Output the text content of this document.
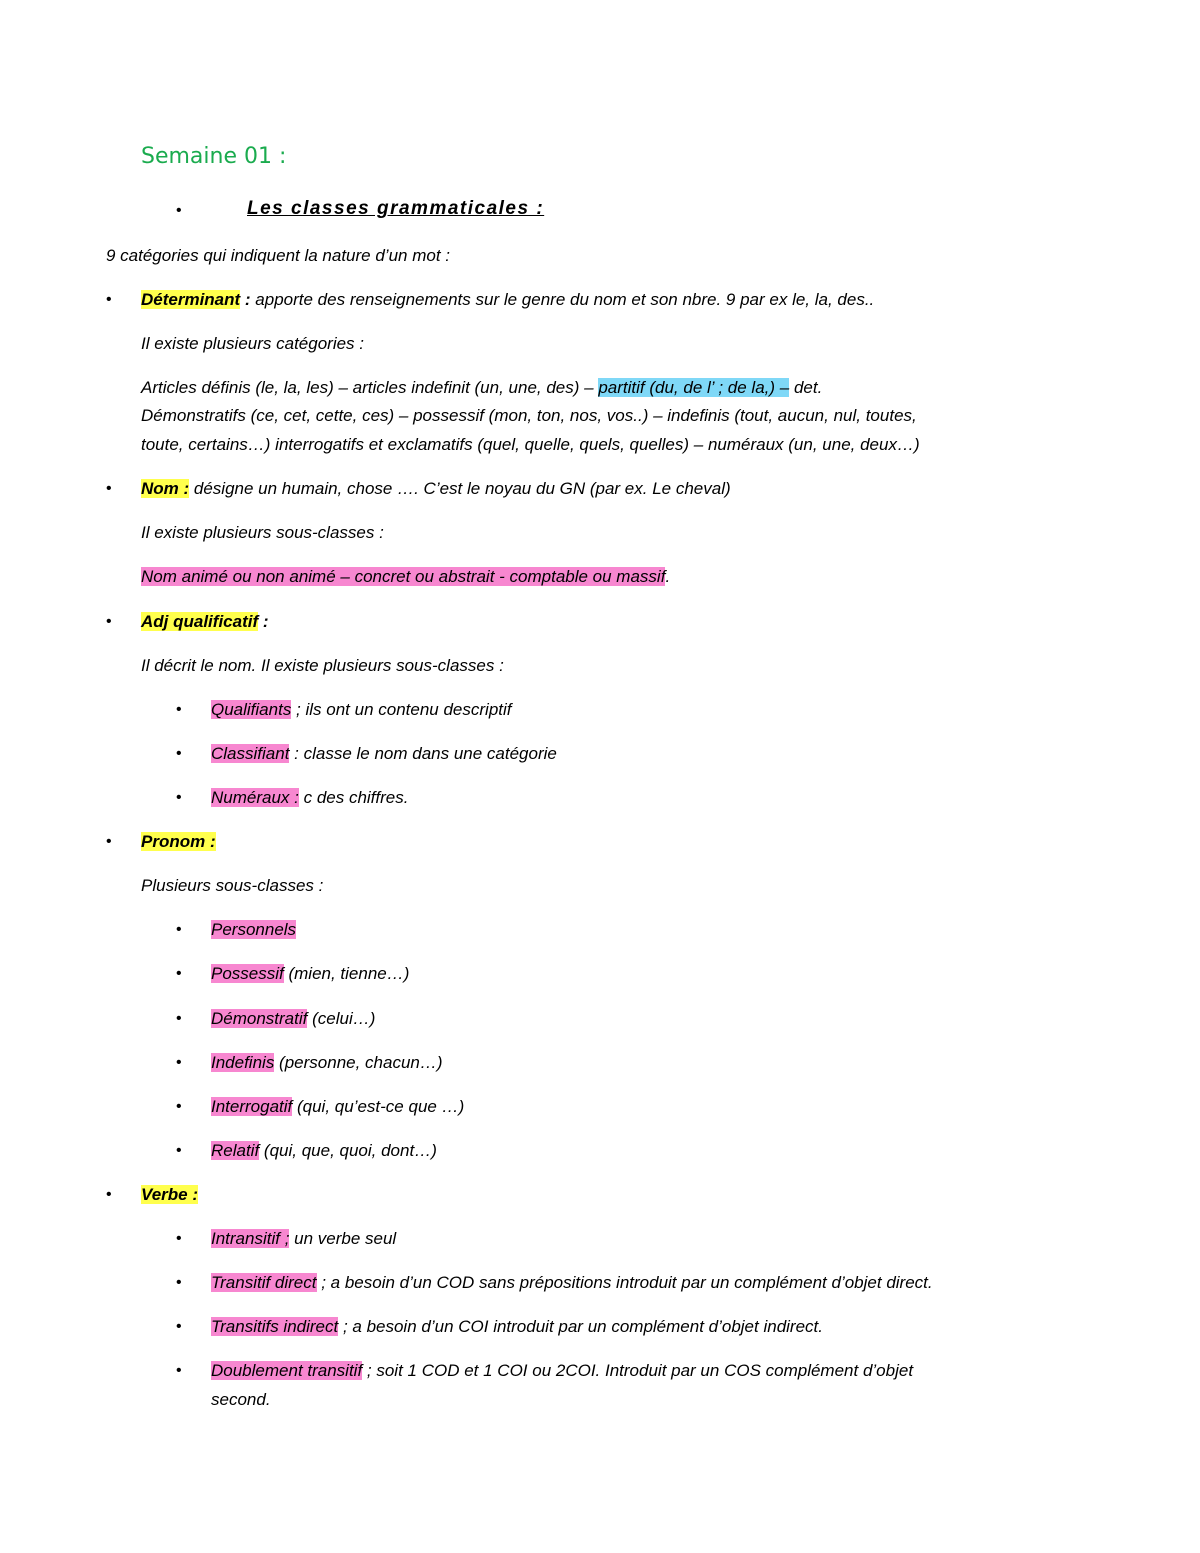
Semaine 01 :
•	Les classes grammaticales :
9 catégories qui indiquent la nature d’un mot :
• Déterminant : apporte des renseignements sur le genre du nom et son nbre. 9 par ex le, la, des..
Il existe plusieurs catégories :
Articles définis (le, la, les) – articles indefinit (un, une, des) – partitif (du, de l’ ; de la,) – det.
Démonstratifs (ce, cet, cette, ces) – possessif (mon, ton, nos, vos..) – indefinis (tout, aucun, nul, toutes,
toute, certains…) interrogatifs et exclamatifs (quel, quelle, quels, quelles) – numéraux (un, une, deux…)
• Nom : désigne un humain, chose …. C’est le noyau du GN (par ex. Le cheval)
Il existe plusieurs sous-classes :
Nom animé ou non animé – concret ou abstrait - comptable ou massif.
• Adj qualificatif :
Il décrit le nom. Il existe plusieurs sous-classes :
• Qualifiants ; ils ont un contenu descriptif
• Classifiant : classe le nom dans une catégorie
• Numéraux : c des chiffres.
• Pronom :
Plusieurs sous-classes :
• Personnels
• Possessif (mien, tienne…)
• Démonstratif (celui…)
• Indefinis (personne, chacun…)
• Interrogatif (qui, qu’est-ce que …)
• Relatif (qui, que, quoi, dont…)
• Verbe :
• Intransitif ; un verbe seul
• Transitif direct ; a besoin d’un COD sans prépositions introduit par un complément d’objet direct.
• Transitifs indirect ; a besoin d’un COI introduit par un complément d’objet indirect.
• Doublement transitif ; soit 1 COD et 1 COI ou 2COI. Introduit par un COS complément d’objet
second.
